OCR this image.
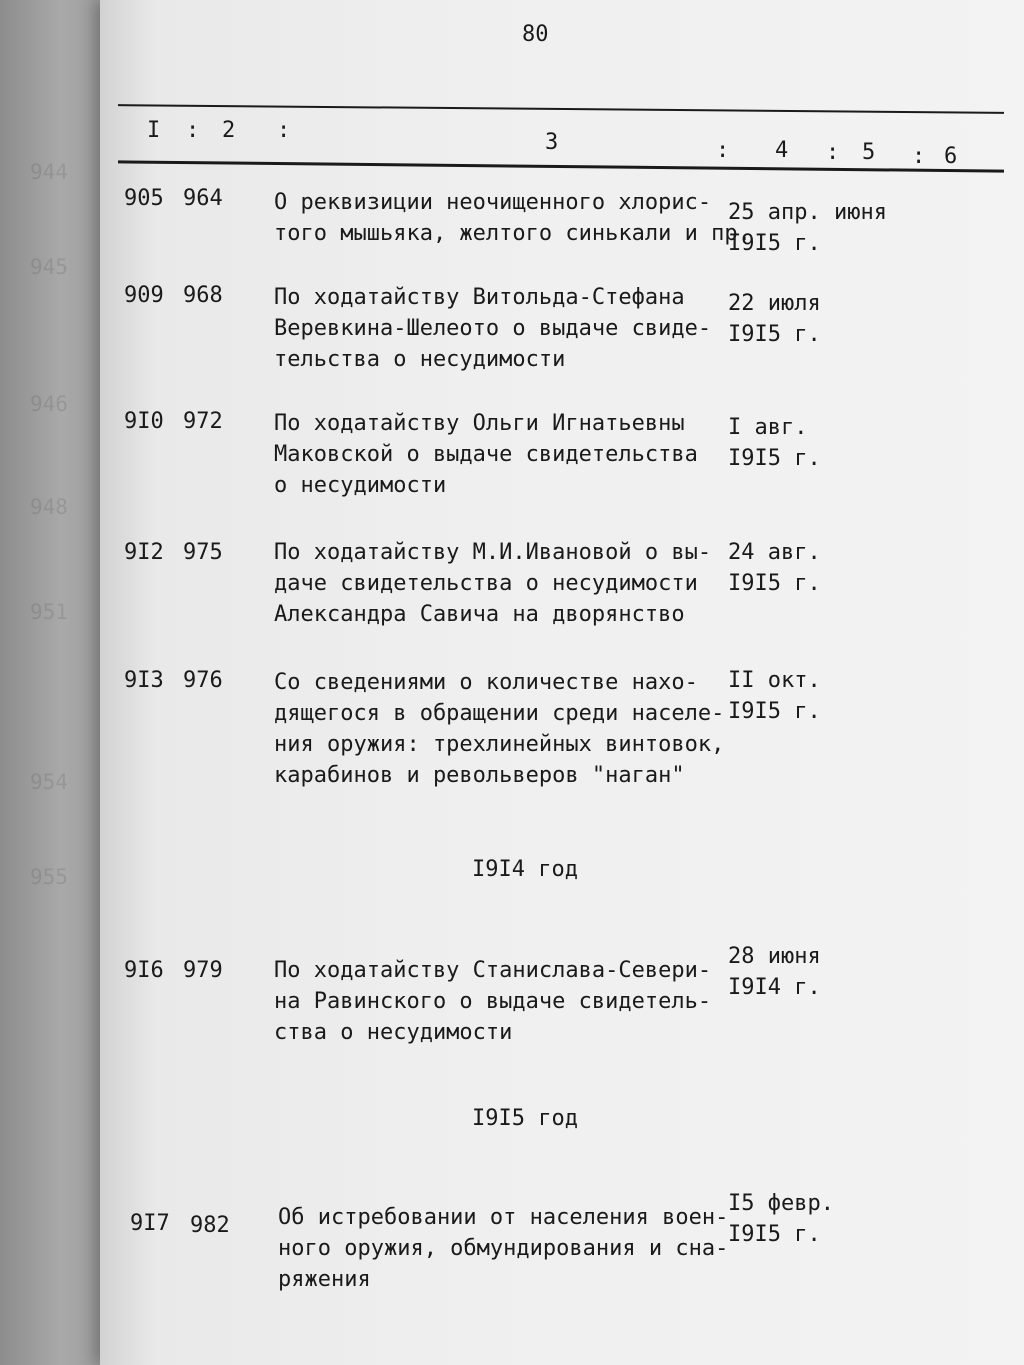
944
945
946
948
951
954
955
80
I : 2 :	3	: 4 : 5 : 6
905 964 О реквизиции неочищенного хлорис-
того мышьяка, желтого синькали и пр.
25 апр. июня
I9I5 г.
909 968 По ходатайству Витольда-Стефана
Веревкина-Шелеото о выдаче свиде-
тельства о несудимости
22 июля
I9I5 г.
9I0 972 По ходатайству Ольги Игнатьевны
Маковской о выдаче свидетельства
о несудимости
I авг.
I9I5 г.
9I2 975 По ходатайству М.И.Ивановой о вы-
даче свидетельства о несудимости
Александра Савича на дворянство
24 авг.
I9I5 г.
9I3 976 Со сведениями о количестве нахо-
дящегося в обращении среди населе-
ния оружия: трехлинейных винтовок,
карабинов и револьверов "наган"
II окт.
I9I5 г.
I9I4 год
9I6 979 По ходатайству Станислава-Севери-
на Равинского о выдаче свидетель-
ства о несудимости
28 июня
I9I4 г.
I9I5 год
9I7 982 Об истребовании от населения воен-
ного оружия, обмундирования и сна-
ряжения
I5 февр.
I9I5 г.
